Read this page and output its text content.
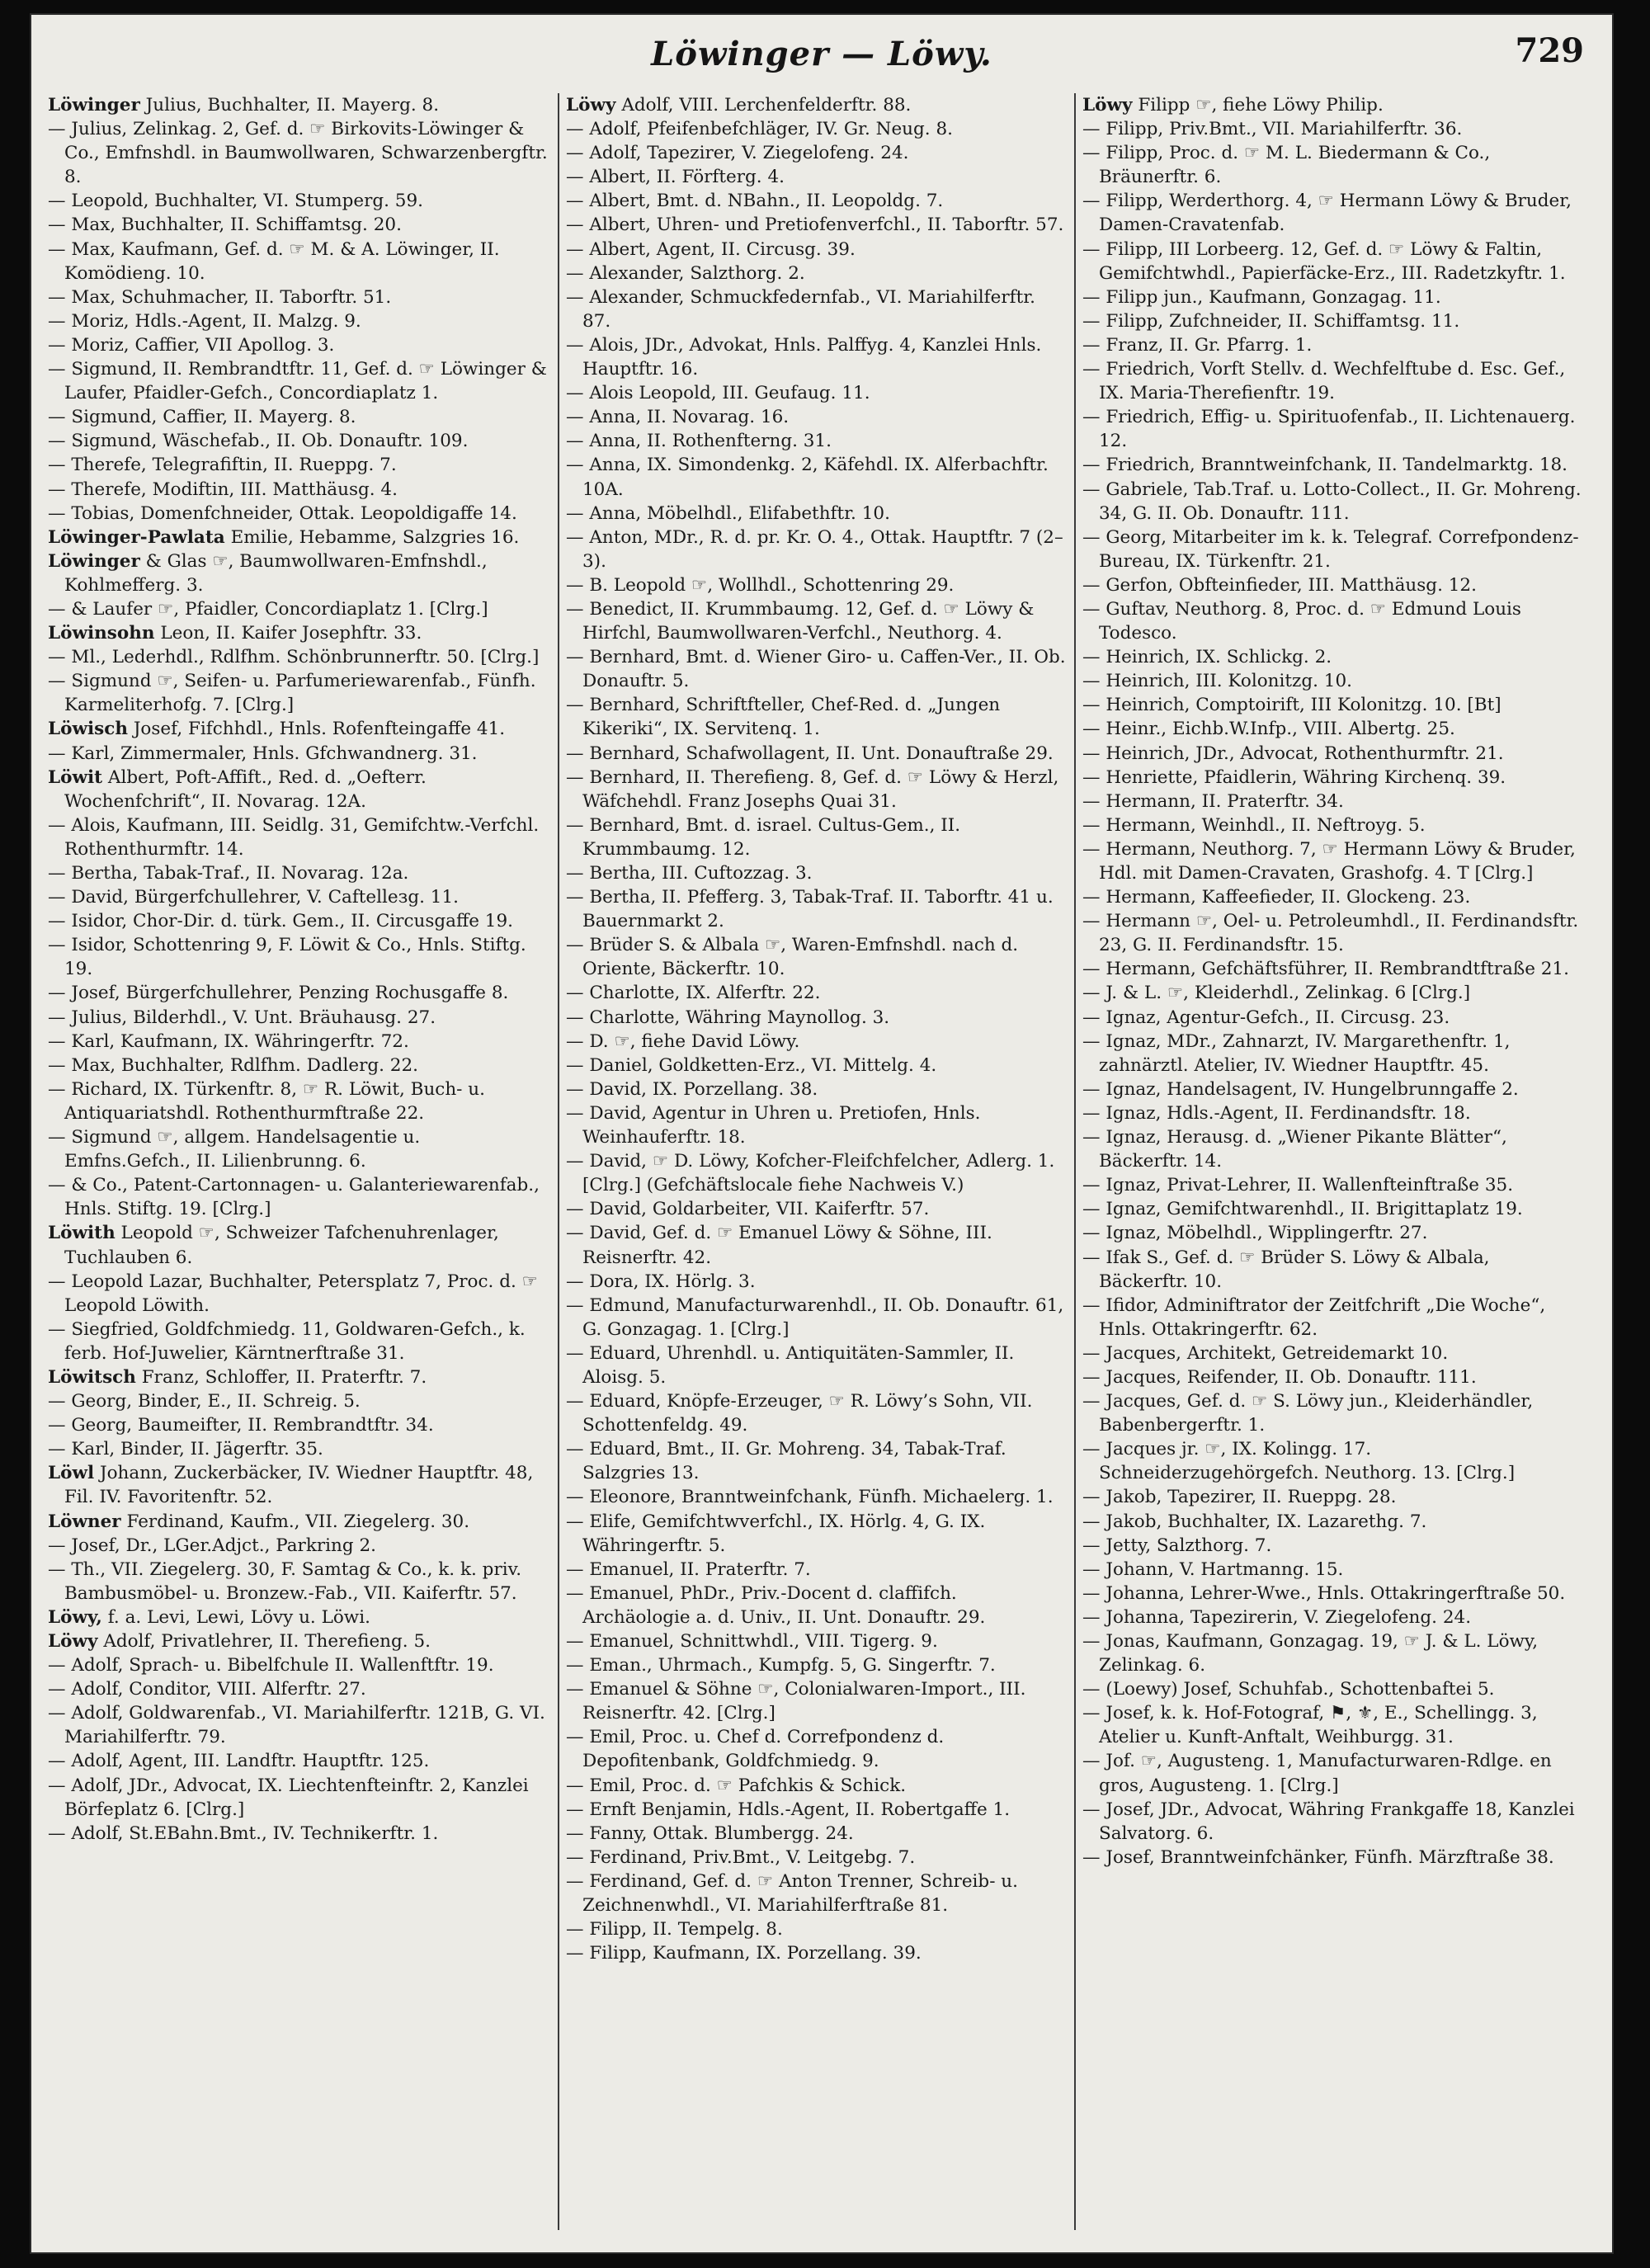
Löwinger — Löwy.	729
Löwinger Julius, Buchhalter, II. Mayerg. 8.
— Julius, Zelinkag. 2, Gef. d. ☞ Birkovits-Löwinger & Co., Emfnshdl. in Baumwollwaren, Schwarzenbergftr. 8.
— Leopold, Buchhalter, VI. Stumperg. 59.
— Max, Buchhalter, II. Schiffamtsg. 20.
— Max, Kaufmann, Gef. d. ☞ M. & A. Löwinger, II. Komödieng. 10.
— Max, Schuhmacher, II. Taborftr. 51.
— Moriz, Hdls.-Agent, II. Malzg. 9.
— Moriz, Caffier, VII Apollog. 3.
— Sigmund, II. Rembrandtftr. 11, Gef. d. ☞ Löwinger & Laufer, Pfaidler-Gefch., Concordiaplatz 1.
— Sigmund, Caffier, II. Mayerg. 8.
— Sigmund, Wäschefab., II. Ob. Donauftr. 109.
— Therefe, Telegrafiftin, II. Rueppg. 7.
— Therefe, Modiftin, III. Matthäusg. 4.
— Tobias, Domenfchneider, Ottak. Leopoldigaffe 14.
Löwinger-Pawlata Emilie, Hebamme, Salzgries 16.
Löwinger & Glas ☞, Baumwollwaren-Emfnshdl., Kohlmefferg. 3.
— & Laufer ☞, Pfaidler, Concordiaplatz 1. [Clrg.]
Löwinsohn Leon, II. Kaifer Josephftr. 33.
— Ml., Lederhdl., Rdlfhm. Schönbrunnerftr. 50. [Clrg.]
— Sigmund ☞, Seifen- u. Parfumeriewarenfab., Fünfh. Karmeliterhofg. 7. [Clrg.]
Löwisch Josef, Fifchhdl., Hnls. Rofenfteingaffe 41.
— Karl, Zimmermaler, Hnls. Gfchwandnerg. 31.
Löwit Albert, Poft-Affift., Red. d. „Oefterr. Wochenfchrift“, II. Novarag. 12A.
— Alois, Kaufmann, III. Seidlg. 31, Gemifchtw.-Verfchl. Rothenthurmftr. 14.
— Bertha, Tabak-Traf., II. Novarag. 12a.
— David, Bürgerfchullehrer, V. Caftelleзg. 11.
— Isidor, Chor-Dir. d. türk. Gem., II. Circusgaffe 19.
— Isidor, Schottenring 9, F. Löwit & Co., Hnls. Stiftg. 19.
— Josef, Bürgerfchullehrer, Penzing Rochusgaffe 8.
— Julius, Bilderhdl., V. Unt. Bräuhausg. 27.
— Karl, Kaufmann, IX. Währingerftr. 72.
— Max, Buchhalter, Rdlfhm. Dadlerg. 22.
— Richard, IX. Türkenftr. 8, ☞ R. Löwit, Buch- u. Antiquariatshdl. Rothenthurmftraße 22.
— Sigmund ☞, allgem. Handelsagentie u. Emfns.Gefch., II. Lilienbrunng. 6.
— & Co., Patent-Cartonnagen- u. Galanteriewarenfab., Hnls. Stiftg. 19. [Clrg.]
Löwith Leopold ☞, Schweizer Tafchenuhrenlager, Tuchlauben 6.
— Leopold Lazar, Buchhalter, Petersplatz 7, Proc. d. ☞ Leopold Löwith.
— Siegfried, Goldfchmiedg. 11, Goldwaren-Gefch., k. ferb. Hof-Juwelier, Kärntnerftraße 31.
Löwitsch Franz, Schloffer, II. Praterftr. 7.
— Georg, Binder, E., II. Schreig. 5.
— Georg, Baumeifter, II. Rembrandtftr. 34.
— Karl, Binder, II. Jägerftr. 35.
Löwl Johann, Zuckerbäcker, IV. Wiedner Hauptftr. 48, Fil. IV. Favoritenftr. 52.
Löwner Ferdinand, Kaufm., VII. Ziegelerg. 30.
— Josef, Dr., LGer.Adjct., Parkring 2.
— Th., VII. Ziegelerg. 30, F. Samtag & Co., k. k. priv. Bambusmöbel- u. Bronzew.-Fab., VII. Kaiferftr. 57.
Löwy, f. a. Levi, Lewi, Lövy u. Löwi.
Löwy Adolf, Privatlehrer, II. Therefieng. 5.
— Adolf, Sprach- u. Bibelfchule II. Wallenftftr. 19.
— Adolf, Conditor, VIII. Alferftr. 27.
— Adolf, Goldwarenfab., VI. Mariahilferftr. 121B, G. VI. Mariahilferftr. 79.
— Adolf, Agent, III. Landftr. Hauptftr. 125.
— Adolf, JDr., Advocat, IX. Liechtenfteinftr. 2, Kanzlei Börfeplatz 6. [Clrg.]
— Adolf, St.EBahn.Bmt., IV. Technikerftr. 1.
Löwy Adolf, VIII. Lerchenfelderftr. 88.
— Adolf, Pfeifenbefchläger, IV. Gr. Neug. 8.
— Adolf, Tapezirer, V. Ziegelofeng. 24.
— Albert, II. Förfterg. 4.
— Albert, Bmt. d. NBahn., II. Leopoldg. 7.
— Albert, Uhren- und Pretiofenverfchl., II. Taborftr. 57.
— Albert, Agent, II. Circusg. 39.
— Alexander, Salzthorg. 2.
— Alexander, Schmuckfedernfab., VI. Mariahilferftr. 87.
— Alois, JDr., Advokat, Hnls. Palffyg. 4, Kanzlei Hnls. Hauptftr. 16.
— Alois Leopold, III. Geufaug. 11.
— Anna, II. Novarag. 16.
— Anna, II. Rothenfterng. 31.
— Anna, IX. Simondenkg. 2, Käfehdl. IX. Alferbachftr. 10A.
— Anna, Möbelhdl., Elifabethftr. 10.
— Anton, MDr., R. d. pr. Kr. O. 4., Ottak. Hauptftr. 7 (2–3).
— B. Leopold ☞, Wollhdl., Schottenring 29.
— Benedict, II. Krummbaumg. 12, Gef. d. ☞ Löwy & Hirfchl, Baumwollwaren-Verfchl., Neuthorg. 4.
— Bernhard, Bmt. d. Wiener Giro- u. Caffen-Ver., II. Ob. Donauftr. 5.
— Bernhard, Schriftfteller, Chef-Red. d. „Jungen Kikeriki“, IX. Servitenq. 1.
— Bernhard, Schafwollagent, II. Unt. Donauftraße 29.
— Bernhard, II. Therefieng. 8, Gef. d. ☞ Löwy & Herzl, Wäfchehdl. Franz Josephs Quai 31.
— Bernhard, Bmt. d. israel. Cultus-Gem., II. Krummbaumg. 12.
— Bertha, III. Cuftozzag. 3.
— Bertha, II. Pfefferg. 3, Tabak-Traf. II. Taborftr. 41 u. Bauernmarkt 2.
— Brüder S. & Albala ☞, Waren-Emfnshdl. nach d. Oriente, Bäckerftr. 10.
— Charlotte, IX. Alferftr. 22.
— Charlotte, Währing Maynollog. 3.
— D. ☞, fiehe David Löwy.
— Daniel, Goldketten-Erz., VI. Mittelg. 4.
— David, IX. Porzellang. 38.
— David, Agentur in Uhren u. Pretiofen, Hnls. Weinhauferftr. 18.
— David, ☞ D. Löwy, Kofcher-Fleifchfelcher, Adlerg. 1. [Clrg.] (Gefchäftslocale fiehe Nachweis V.)
— David, Goldarbeiter, VII. Kaiferftr. 57.
— David, Gef. d. ☞ Emanuel Löwy & Söhne, III. Reisnerftr. 42.
— Dora, IX. Hörlg. 3.
— Edmund, Manufacturwarenhdl., II. Ob. Donauftr. 61, G. Gonzagag. 1. [Clrg.]
— Eduard, Uhrenhdl. u. Antiquitäten-Sammler, II. Aloisg. 5.
— Eduard, Knöpfe-Erzeuger, ☞ R. Löwy’s Sohn, VII. Schottenfeldg. 49.
— Eduard, Bmt., II. Gr. Mohreng. 34, Tabak-Traf. Salzgries 13.
— Eleonore, Branntweinfchank, Fünfh. Michaelerg. 1.
— Elife, Gemifchtwverfchl., IX. Hörlg. 4, G. IX. Währingerftr. 5.
— Emanuel, II. Praterftr. 7.
— Emanuel, PhDr., Priv.-Docent d. claffifch. Archäologie a. d. Univ., II. Unt. Donauftr. 29.
— Emanuel, Schnittwhdl., VIII. Tigerg. 9.
— Eman., Uhrmach., Kumpfg. 5, G. Singerftr. 7.
— Emanuel & Söhne ☞, Colonialwaren-Import., III. Reisnerftr. 42. [Clrg.]
— Emil, Proc. u. Chef d. Correfpondenz d. Depofitenbank, Goldfchmiedg. 9.
— Emil, Proc. d. ☞ Pafchkis & Schick.
— Ernft Benjamin, Hdls.-Agent, II. Robertgaffe 1.
— Fanny, Ottak. Blumbergg. 24.
— Ferdinand, Priv.Bmt., V. Leitgebg. 7.
— Ferdinand, Gef. d. ☞ Anton Trenner, Schreib- u. Zeichnenwhdl., VI. Mariahilferftraße 81.
— Filipp, II. Tempelg. 8.
— Filipp, Kaufmann, IX. Porzellang. 39.
Löwy Filipp ☞, fiehe Löwy Philip.
— Filipp, Priv.Bmt., VII. Mariahilferftr. 36.
— Filipp, Proc. d. ☞ M. L. Biedermann & Co., Bräunerftr. 6.
— Filipp, Werderthorg. 4, ☞ Hermann Löwy & Bruder, Damen-Cravatenfab.
— Filipp, III Lorbeerg. 12, Gef. d. ☞ Löwy & Faltin, Gemifchtwhdl., Papierfäcke-Erz., III. Radetzkyftr. 1.
— Filipp jun., Kaufmann, Gonzagag. 11.
— Filipp, Zufchneider, II. Schiffamtsg. 11.
— Franz, II. Gr. Pfarrg. 1.
— Friedrich, Vorft Stellv. d. Wechfelftube d. Esc. Gef., IX. Maria-Therefienftr. 19.
— Friedrich, Effig- u. Spirituofenfab., II. Lichtenauerg. 12.
— Friedrich, Branntweinfchank, II. Tandelmarktg. 18.
— Gabriele, Tab.Traf. u. Lotto-Collect., II. Gr. Mohreng. 34, G. II. Ob. Donauftr. 111.
— Georg, Mitarbeiter im k. k. Telegraf. Correfpondenz-Bureau, IX. Türkenftr. 21.
— Gerfon, Obfteinfieder, III. Matthäusg. 12.
— Guftav, Neuthorg. 8, Proc. d. ☞ Edmund Louis Todesco.
— Heinrich, IX. Schlickg. 2.
— Heinrich, III. Kolonitzg. 10.
— Heinrich, Comptoirift, III Kolonitzg. 10. [Bt]
— Heinr., Eichb.W.Infp., VIII. Albertg. 25.
— Heinrich, JDr., Advocat, Rothenthurmftr. 21.
— Henriette, Pfaidlerin, Währing Kirchenq. 39.
— Hermann, II. Praterftr. 34.
— Hermann, Weinhdl., II. Neftroyg. 5.
— Hermann, Neuthorg. 7, ☞ Hermann Löwy & Bruder, Hdl. mit Damen-Cravaten, Grashofg. 4. T [Clrg.]
— Hermann, Kaffeefieder, II. Glockeng. 23.
— Hermann ☞, Oel- u. Petroleumhdl., II. Ferdinandsftr. 23, G. II. Ferdinandsftr. 15.
— Hermann, Gefchäftsführer, II. Rembrandtftraße 21.
— J. & L. ☞, Kleiderhdl., Zelinkag. 6 [Clrg.]
— Ignaz, Agentur-Gefch., II. Circusg. 23.
— Ignaz, MDr., Zahnarzt, IV. Margarethenftr. 1, zahnärztl. Atelier, IV. Wiedner Hauptftr. 45.
— Ignaz, Handelsagent, IV. Hungelbrunngaffe 2.
— Ignaz, Hdls.-Agent, II. Ferdinandsftr. 18.
— Ignaz, Herausg. d. „Wiener Pikante Blätter“, Bäckerftr. 14.
— Ignaz, Privat-Lehrer, II. Wallenfteinftraße 35.
— Ignaz, Gemifchtwarenhdl., II. Brigittaplatz 19.
— Ignaz, Möbelhdl., Wipplingerftr. 27.
— Ifak S., Gef. d. ☞ Brüder S. Löwy & Albala, Bäckerftr. 10.
— Ifidor, Adminiftrator der Zeitfchrift „Die Woche“, Hnls. Ottakringerftr. 62.
— Jacques, Architekt, Getreidemarkt 10.
— Jacques, Reifender, II. Ob. Donauftr. 111.
— Jacques, Gef. d. ☞ S. Löwy jun., Kleiderhändler, Babenbergerftr. 1.
— Jacques jr. ☞, IX. Kolingg. 17. Schneiderzugehörgefch. Neuthorg. 13. [Clrg.]
— Jakob, Tapezirer, II. Rueppg. 28.
— Jakob, Buchhalter, IX. Lazarethg. 7.
— Jetty, Salzthorg. 7.
— Johann, V. Hartmanng. 15.
— Johanna, Lehrer-Wwe., Hnls. Ottakringerftraße 50.
— Johanna, Tapezirerin, V. Ziegelofeng. 24.
— Jonas, Kaufmann, Gonzagag. 19, ☞ J. & L. Löwy, Zelinkag. 6.
— (Loewy) Josef, Schuhfab., Schottenbaftei 5.
— Josef, k. k. Hof-Fotograf, ⚑, ⚜, E., Schellingg. 3, Atelier u. Kunft-Anftalt, Weihburgg. 31.
— Jof. ☞, Augusteng. 1, Manufacturwaren-Rdlge. en gros, Augusteng. 1. [Clrg.]
— Josef, JDr., Advocat, Währing Frankgaffe 18, Kanzlei Salvatorg. 6.
— Josef, Branntweinfchänker, Fünfh. Märzftraße 38.
